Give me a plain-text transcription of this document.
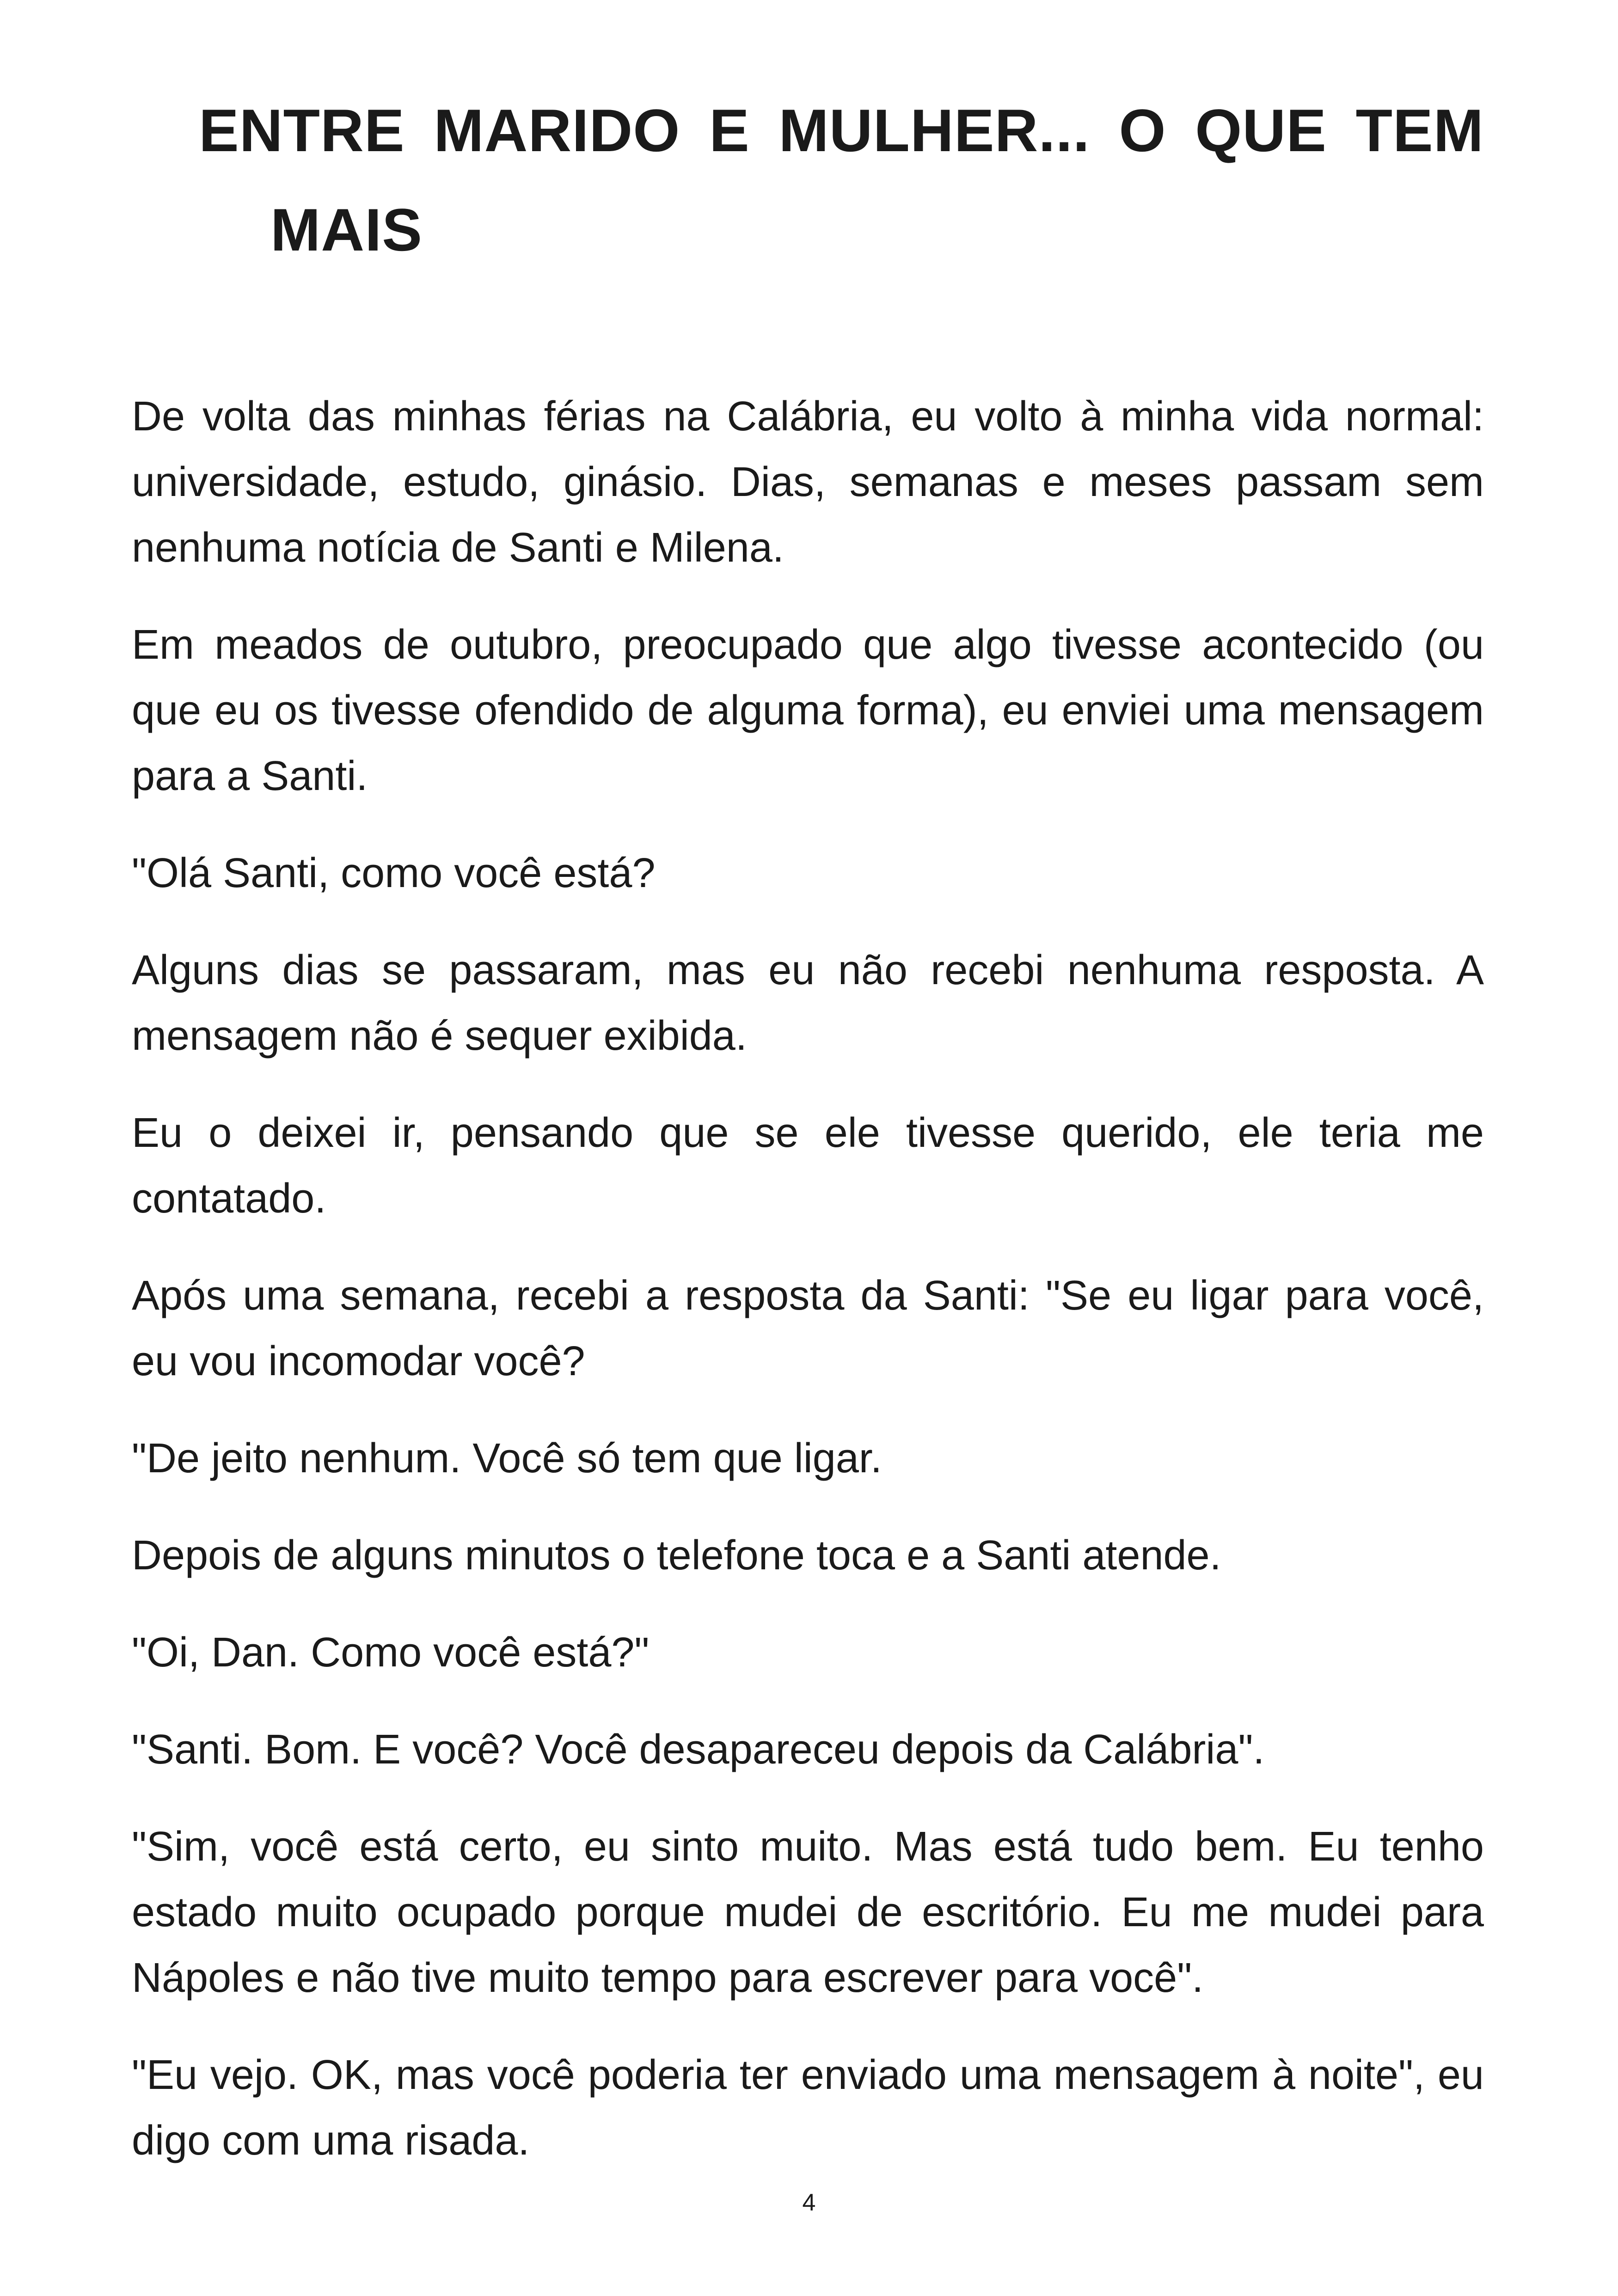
ENTRE MARIDO E MULHER... O QUE TEM
MAIS

De volta das minhas férias na Calábria, eu volto à minha vida normal: universidade, estudo, ginásio. Dias, semanas e meses passam sem nenhuma notícia de Santi e Milena.

Em meados de outubro, preocupado que algo tivesse acontecido (ou que eu os tivesse ofendido de alguma forma), eu enviei uma mensagem para a Santi.

"Olá Santi, como você está?

Alguns dias se passaram, mas eu não recebi nenhuma resposta. A mensagem não é sequer exibida.

Eu o deixei ir, pensando que se ele tivesse querido, ele teria me contatado.

Após uma semana, recebi a resposta da Santi: "Se eu ligar para você, eu vou incomodar você?

"De jeito nenhum. Você só tem que ligar.

Depois de alguns minutos o telefone toca e a Santi atende.

"Oi, Dan. Como você está?"

"Santi. Bom. E você? Você desapareceu depois da Calábria".

"Sim, você está certo, eu sinto muito. Mas está tudo bem. Eu tenho estado muito ocupado porque mudei de escritório. Eu me mudei para Nápoles e não tive muito tempo para escrever para você".

"Eu vejo. OK, mas você poderia ter enviado uma mensagem à noite", eu digo com uma risada.

4
